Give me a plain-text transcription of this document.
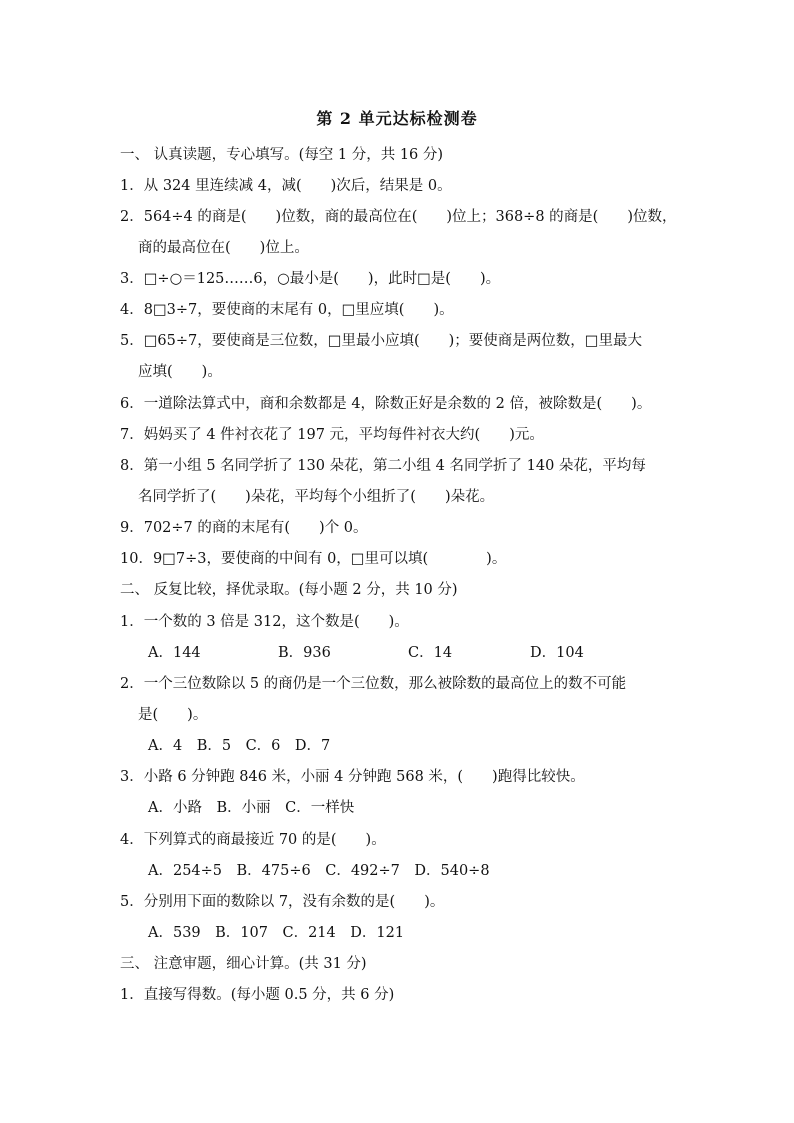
第 2 单元达标检测卷
一、 认真读题，专心填写。(每空 1 分，共 16 分)
1．从 324 里连续减 4，减(　　)次后，结果是 0。
2．564÷4 的商是(　　)位数，商的最高位在(　　)位上；368÷8 的商是(　　)位数，
商的最高位在(　　)位上。
3．□÷○＝125……6，○最小是(　　)，此时□是(　　)。
4．8□3÷7，要使商的末尾有 0，□里应填(　　)。
5．□65÷7，要使商是三位数，□里最小应填(　　)；要使商是两位数，□里最大
应填(　　)。
6．一道除法算式中，商和余数都是 4，除数正好是余数的 2 倍，被除数是(　　)。
7．妈妈买了 4 件衬衣花了 197 元，平均每件衬衣大约(　　)元。
8．第一小组 5 名同学折了 130 朵花，第二小组 4 名同学折了 140 朵花，平均每
名同学折了(　　)朵花，平均每个小组折了(　　)朵花。
9．702÷7 的商的末尾有(　　)个 0。
10．9□7÷3，要使商的中间有 0，□里可以填(　　　　)。
二、 反复比较，择优录取。(每小题 2 分，共 10 分)
1．一个数的 3 倍是 312，这个数是(　　)。
A．144	B．936	C．14	D．104
2．一个三位数除以 5 的商仍是一个三位数，那么被除数的最高位上的数不可能
是(　　)。
A．4　B．5　C．6　D．7
3．小路 6 分钟跑 846 米，小丽 4 分钟跑 568 米，(　　)跑得比较快。
A．小路　B．小丽　C．一样快
4．下列算式的商最接近 70 的是(　　)。
A．254÷5　B．475÷6　C．492÷7　D．540÷8
5．分别用下面的数除以 7，没有余数的是(　　)。
A．539　B．107　C．214　D．121
三、 注意审题，细心计算。(共 31 分)
1．直接写得数。(每小题 0.5 分，共 6 分)
